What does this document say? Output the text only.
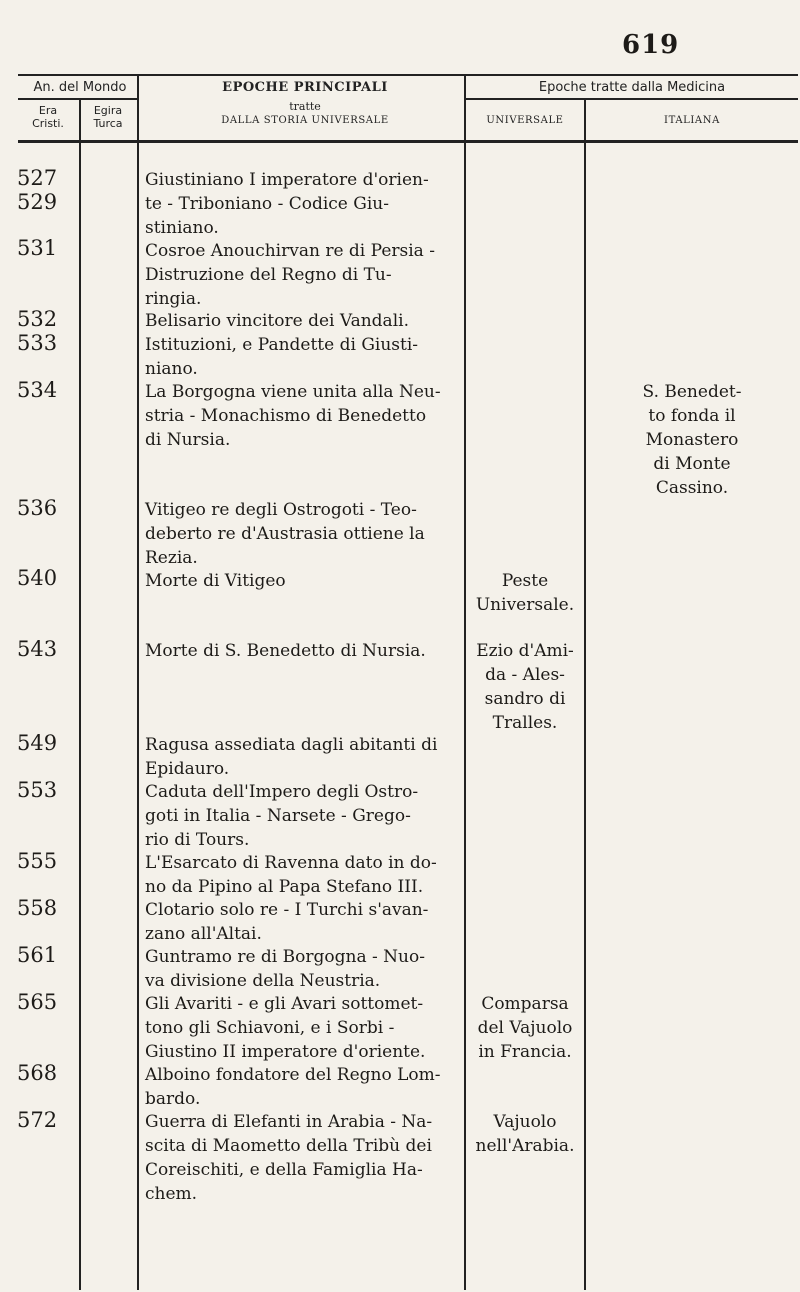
619
An. del Mondo
Era
Cristi.
Egira
Turca
EPOCHE PRINCIPALI
tratte
DALLA STORIA UNIVERSALE
Epoche tratte dalla Medicina
UNIVERSALE	ITALIANA
527
529
531
532
533
534
536
540
543
549
553
555
558
561
565
568
572
Giustiniano I imperatore d'orien-
te - Triboniano - Codice Giu-
stiniano.
Cosroe Anouchirvan re di Persia -
Distruzione del Regno di Tu-
ringia.
Belisario vincitore dei Vandali.
Istituzioni, e Pandette di Giusti-
niano.
La Borgogna viene unita alla Neu-
stria - Monachismo di Benedetto
di Nursia.
Vitigeo re degli Ostrogoti - Teo-
deberto re d'Austrasia ottiene la
Rezia.
Morte di Vitigeo
Morte di S. Benedetto di Nursia.
Ragusa assediata dagli abitanti di
Epidauro.
Caduta dell'Impero degli Ostro-
goti in Italia - Narsete - Grego-
rio di Tours.
L'Esarcato di Ravenna dato in do-
no da Pipino al Papa Stefano III.
Clotario solo re - I Turchi s'avan-
zano all'Altai.
Guntramo re di Borgogna - Nuo-
va divisione della Neustria.
Gli Avariti - e gli Avari sottomet-
tono gli Schiavoni, e i Sorbi -
Giustino II imperatore d'oriente.
Alboino fondatore del Regno Lom-
bardo.
Guerra di Elefanti in Arabia - Na-
scita di Maometto della Tribù dei
Coreischiti, e della Famiglia Ha-
chem.
Peste
Universale.
Ezio d'Ami-
da - Ales-
sandro di
Tralles.
Comparsa
del Vajuolo
in Francia.
Vajuolo
nell'Arabia.
S. Benedet-
to fonda il
Monastero
di Monte
Cassino.
